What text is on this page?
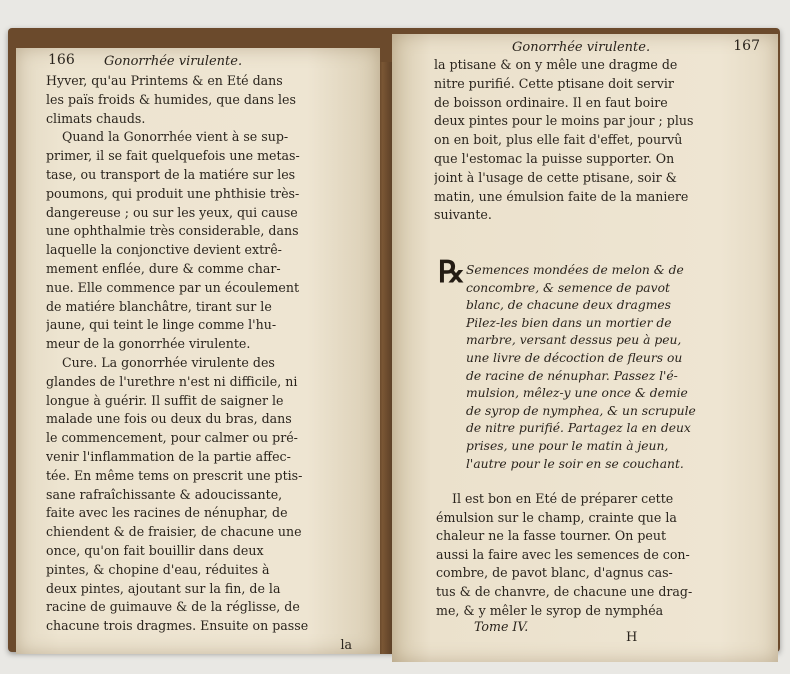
166 Gonorrhée virulente.
Hyver, qu'au Printems & en Eté dans
les païs froids & humides, que dans les
climats chauds.
Quand la Gonorrhée vient à se sup-
primer, il se fait quelquefois une metas-
tase, ou transport de la matiére sur les
poumons, qui produit une phthisie très-
dangereuse ; ou sur les yeux, qui cause
une ophthalmie très considerable, dans
laquelle la conjonctive devient extrê-
mement enflée, dure & comme char-
nue. Elle commence par un écoulement
de matiére blanchâtre, tirant sur le
jaune, qui teint le linge comme l'hu-
meur de la gonorrhée virulente.
Cure. La gonorrhée virulente des
glandes de l'urethre n'est ni difficile, ni
longue à guérir. Il suffit de saigner le
malade une fois ou deux du bras, dans
le commencement, pour calmer ou pré-
venir l'inflammation de la partie affec-
tée. En même tems on prescrit une ptis-
sane rafraîchissante & adoucissante,
faite avec les racines de nénuphar, de
chiendent & de fraisier, de chacune une
once, qu'on fait bouillir dans deux
pintes, & chopine d'eau, réduites à
deux pintes, ajoutant sur la fin, de la
racine de guimauve & de la réglisse, de
chacune trois dragmes. Ensuite on passe
la
Gonorrhée virulente.	167
la ptisane & on y mêle une dragme de
nitre purifié. Cette ptisane doit servir
de boisson ordinaire. Il en faut boire
deux pintes pour le moins par jour ; plus
on en boit, plus elle fait d'effet, pourvû
que l'estomac la puisse supporter. On
joint à l'usage de cette ptisane, soir &
matin, une émulsion faite de la maniere
suivante.
℞ Semences mondées de melon & de
concombre, & semence de pavot
blanc, de chacune deux dragmes
Pilez-les bien dans un mortier de
marbre, versant dessus peu à peu,
une livre de décoction de fleurs ou
de racine de nénuphar. Passez l'é-
mulsion, mêlez-y une once & demie
de syrop de nymphea, & un scrupule
de nitre purifié. Partagez la en deux
prises, une pour le matin à jeun,
l'autre pour le soir en se couchant.
Il est bon en Eté de préparer cette
émulsion sur le champ, crainte que la
chaleur ne la fasse tourner. On peut
aussi la faire avec les semences de con-
combre, de pavot blanc, d'agnus cas-
tus & de chanvre, de chacune une drag-
me, & y mêler le syrop de nymphéa
Tome IV.
H
